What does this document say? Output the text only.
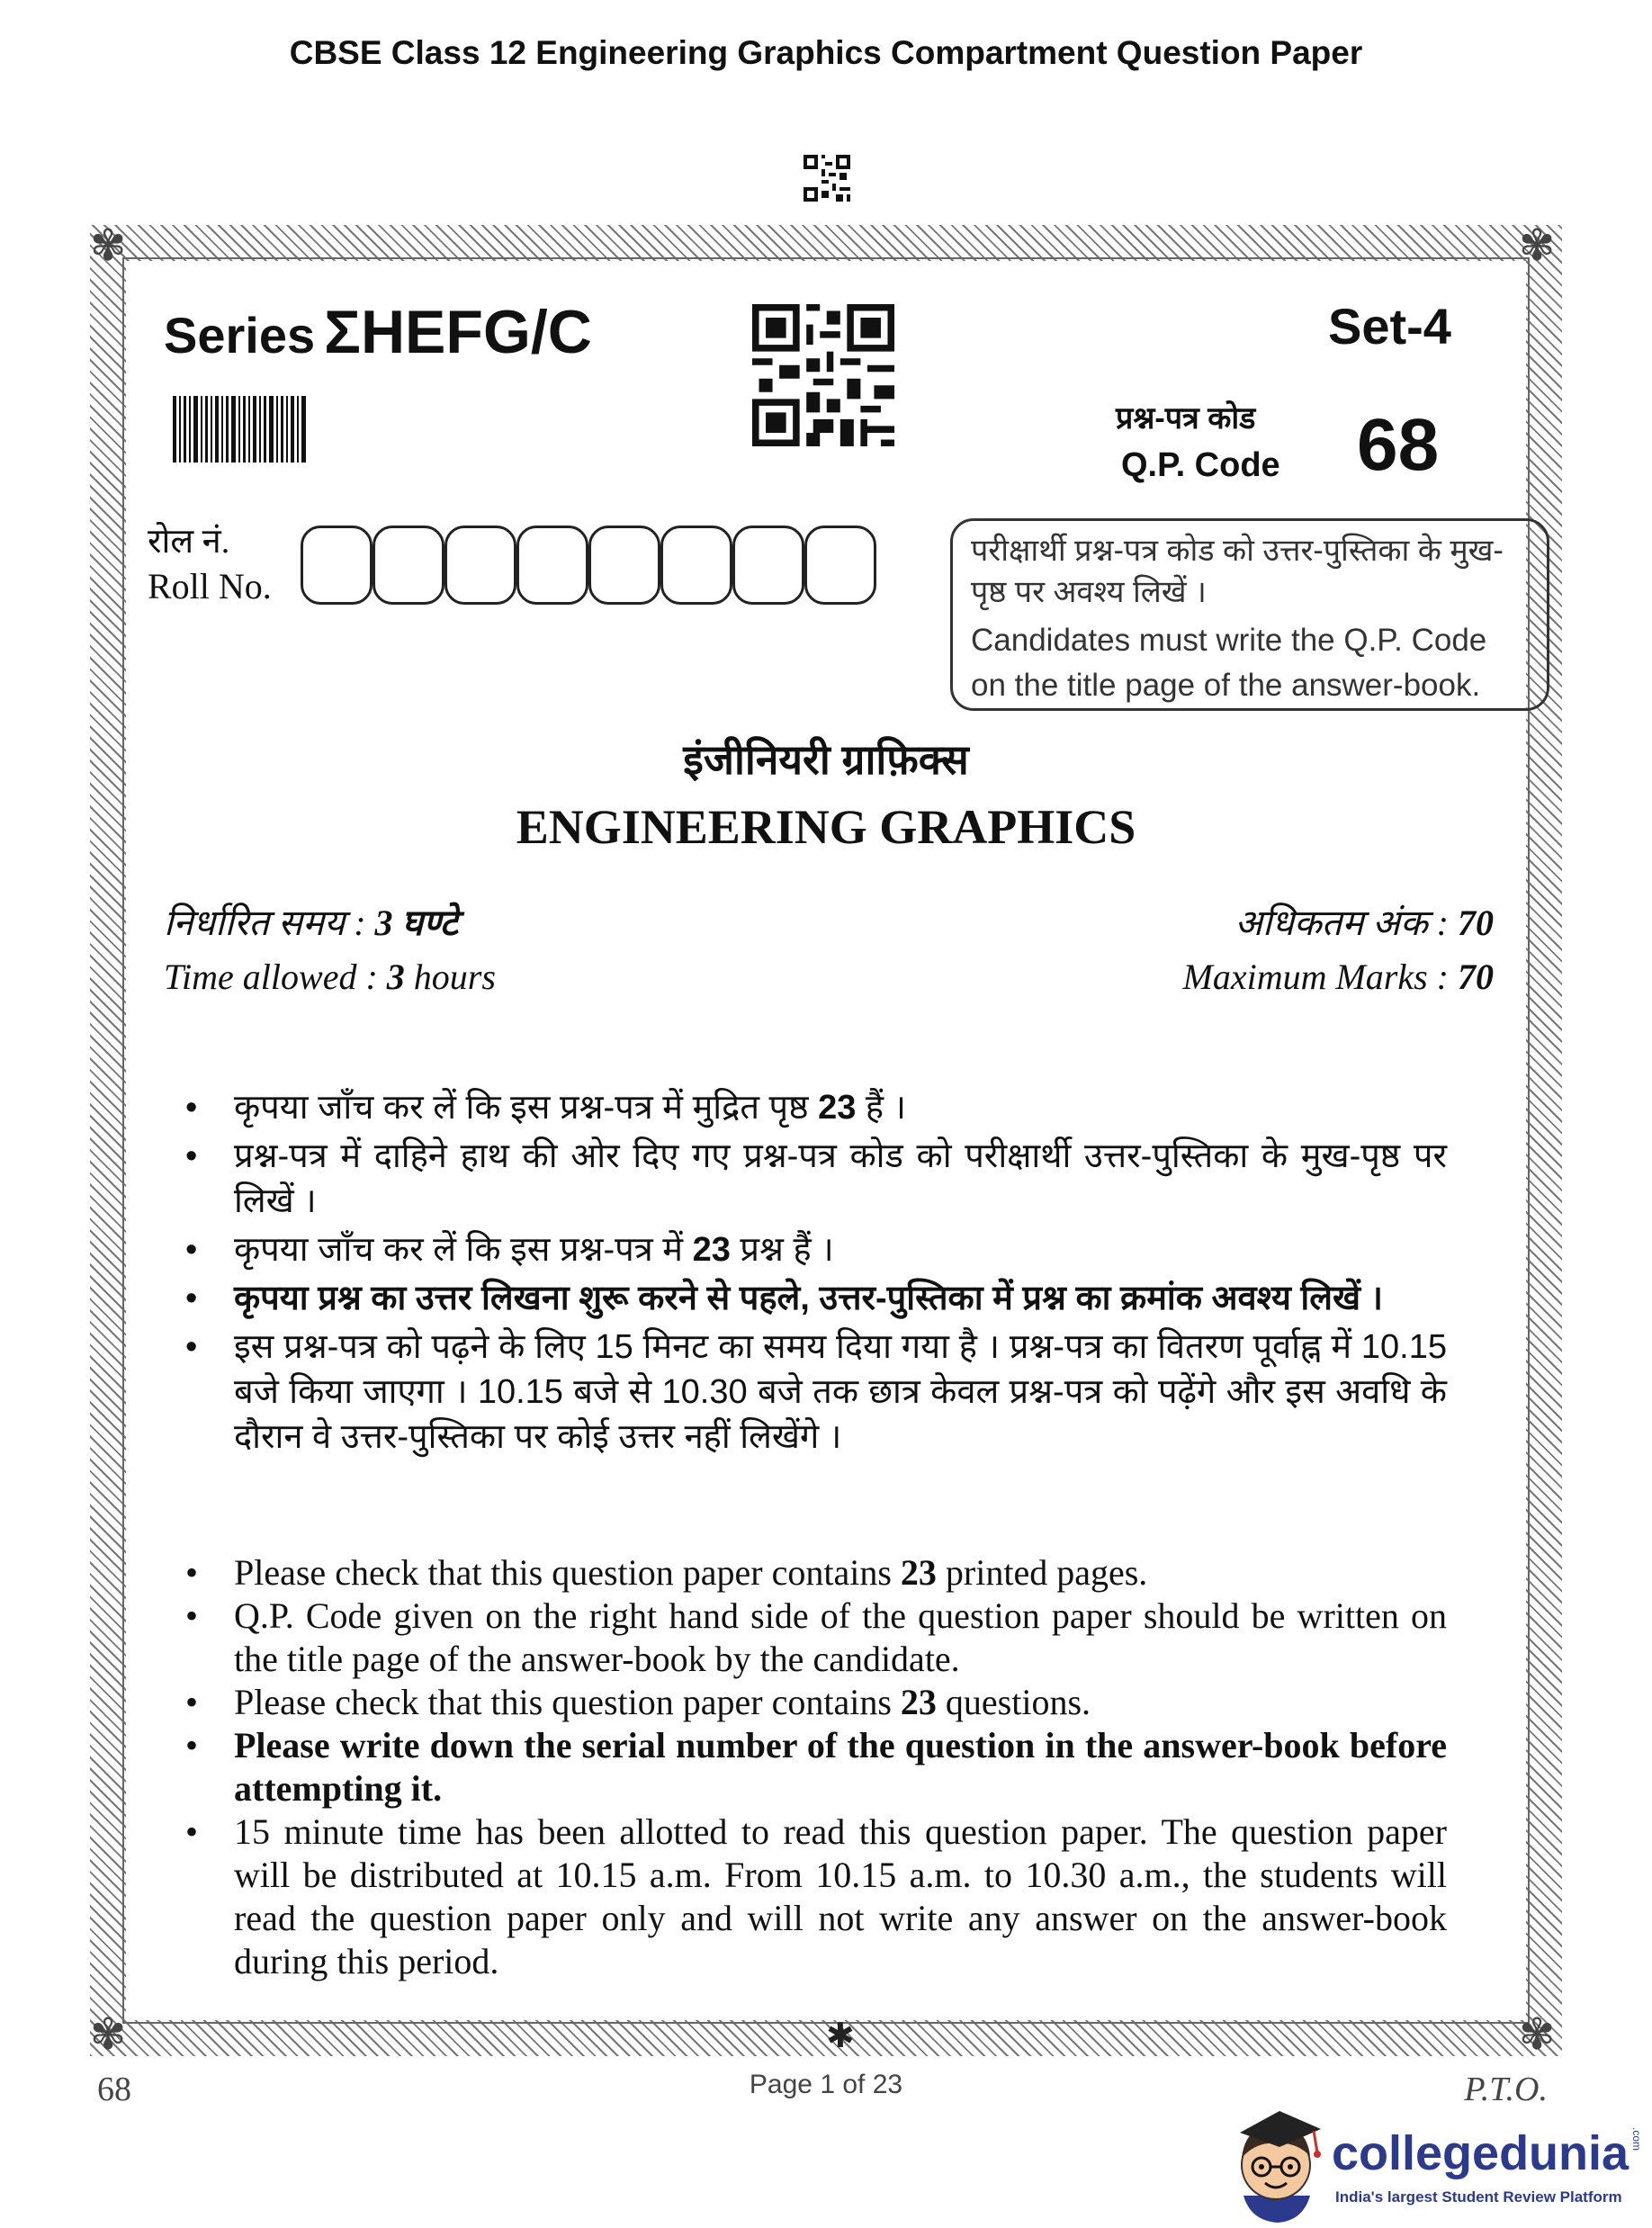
CBSE Class 12 Engineering Graphics Compartment Question Paper
✾	✾
✾	✾
Series ΣHEFG/C	Set-4
प्रश्न-पत्र कोड
Q.P. Code 68
रोल नं.
Roll No.
परीक्षार्थी प्रश्न-पत्र कोड को उत्तर-पुस्तिका के मुख-पृष्ठ पर अवश्य लिखें ।
Candidates must write the Q.P. Code on the title page of the answer-book.
इंजीनियरी ग्राफ़िक्स
ENGINEERING GRAPHICS
निर्धारित समय : 3 घण्टे
Time allowed : 3 hours
अधिकतम अंक : 70
Maximum Marks : 70
• कृपया जाँच कर लें कि इस प्रश्न-पत्र में मुद्रित पृष्ठ 23 हैं ।
• प्रश्न-पत्र में दाहिने हाथ की ओर दिए गए प्रश्न-पत्र कोड को परीक्षार्थी उत्तर-पुस्तिका के मुख-पृष्ठ पर लिखें ।
• कृपया जाँच कर लें कि इस प्रश्न-पत्र में 23 प्रश्न हैं ।
• कृपया प्रश्न का उत्तर लिखना शुरू करने से पहले, उत्तर-पुस्तिका में प्रश्न का क्रमांक अवश्य लिखें ।
• इस प्रश्न-पत्र को पढ़ने के लिए 15 मिनट का समय दिया गया है । प्रश्न-पत्र का वितरण पूर्वाह्न में 10.15 बजे किया जाएगा । 10.15 बजे से 10.30 बजे तक छात्र केवल प्रश्न-पत्र को पढ़ेंगे और इस अवधि के दौरान वे उत्तर-पुस्तिका पर कोई उत्तर नहीं लिखेंगे ।
• Please check that this question paper contains 23 printed pages.
• Q.P. Code given on the right hand side of the question paper should be written on the title page of the answer-book by the candidate.
• Please check that this question paper contains 23 questions.
• Please write down the serial number of the question in the answer-book before attempting it.
• 15 minute time has been allotted to read this question paper. The question paper will be distributed at 10.15 a.m. From 10.15 a.m. to 10.30 a.m., the students will read the question paper only and will not write any answer on the answer-book during this period.
✱
68	Page 1 of 23	P.T.O.
collegedunia .com
India's largest Student Review Platform
